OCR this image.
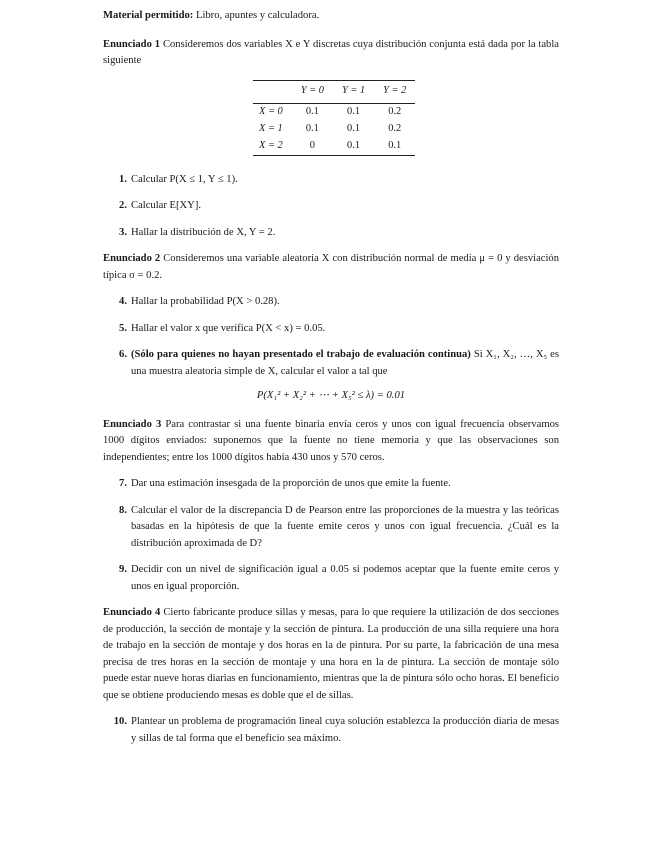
Material permitido: Libro, apuntes y calculadora.

Enunciado 1 Consideremos dos variables X e Y discretas cuya distribución conjunta está dada por la tabla siguiente

	Y = 0	Y = 1	Y = 2
X = 0	0.1	0.1	0.2
X = 1	0.1	0.1	0.2
X = 2	0	0.1	0.1
1. Calcular P(X ≤ 1, Y ≤ 1).
2. Calcular E[XY].
3. Hallar la distribución de X, Y = 2.

Enunciado 2 Consideremos una variable aleatoria X con distribución normal de media μ = 0 y desviación típica σ = 0.2.

4. Hallar la probabilidad P(X > 0.28).
5. Hallar el valor x que verifica P(X < x) = 0.05.
6. (Sólo para quienes no hayan presentado el trabajo de evaluación continua) Si X₁, X₂, …, X₅ es una muestra aleatoria simple de X, calcular el valor a tal que

P(X₁² + X₂² + ⋯ + X₅² ≤ λ) = 0.01

Enunciado 3 Para contrastar si una fuente binaria envía ceros y unos con igual frecuencia observamos 1000 dígitos enviados: suponemos que la fuente no tiene memoria y que las observaciones son independientes; entre los 1000 dígitos había 430 unos y 570 ceros.

7. Dar una estimación insesgada de la proporción de unos que emite la fuente.
8. Calcular el valor de la discrepancia D de Pearson entre las proporciones de la muestra y las teóricas basadas en la hipótesis de que la fuente emite ceros y unos con igual frecuencia. ¿Cuál es la distribución aproximada de D?
9. Decidir con un nivel de significación igual a 0.05 si podemos aceptar que la fuente emite ceros y unos en igual proporción.

Enunciado 4 Cierto fabricante produce sillas y mesas, para lo que requiere la utilización de dos secciones de producción, la sección de montaje y la sección de pintura. La producción de una silla requiere una hora de trabajo en la sección de montaje y dos horas en la de pintura. Por su parte, la fabricación de una mesa precisa de tres horas en la sección de montaje y una hora en la de pintura. La sección de montaje sólo puede estar nueve horas diarias en funcionamiento, mientras que la de pintura sólo ocho horas. El beneficio que se obtiene produciendo mesas es doble que el de sillas.

10. Plantear un problema de programación lineal cuya solución establezca la producción diaria de mesas y sillas de tal forma que el beneficio sea máximo.
